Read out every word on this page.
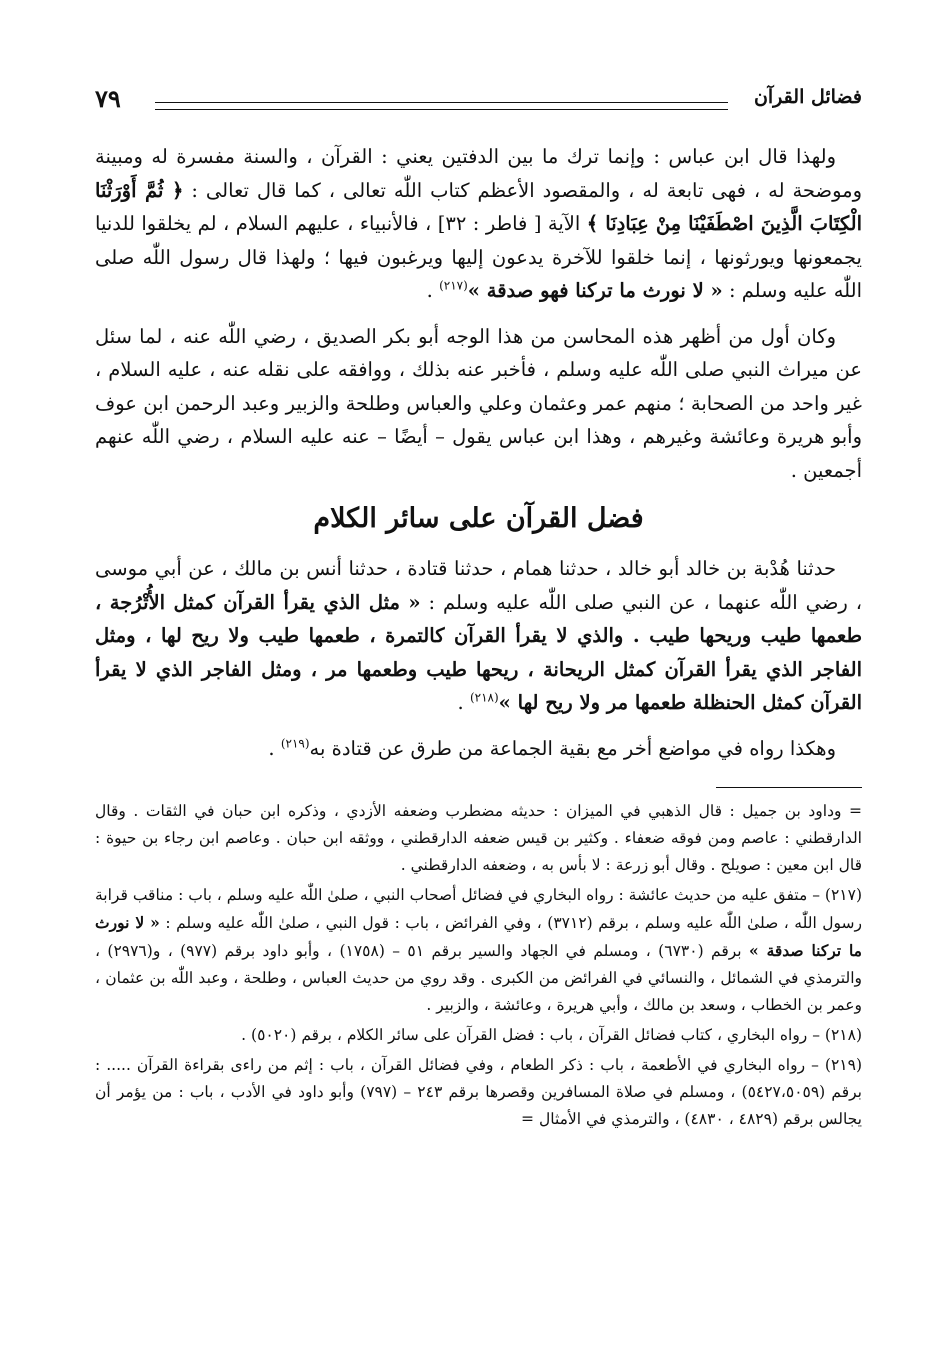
فضائل القرآن
٧٩

ولهذا قال ابن عباس : وإنما ترك ما بين الدفتين يعني : القرآن ، والسنة مفسرة له ومبينة وموضحة له ، فهى تابعة له ، والمقصود الأعظم كتاب اللّٰه تعالى ، كما قال تعالى : ﴿ ثُمَّ أَوْرَثْنَا الْكِتَابَ الَّذِينَ اصْطَفَيْنَا مِنْ عِبَادِنَا ﴾ الآية [ فاطر : ٣٢] ، فالأنبياء ، عليهم السلام ، لم يخلقوا للدنيا يجمعونها ويورثونها ، إنما خلقوا للآخرة يدعون إليها ويرغبون فيها ؛ ولهذا قال رسول اللّٰه صلى اللّٰه عليه وسلم : « لا نورث ما تركنا فهو صدقة »$^{(٢١٧)}$ .

وكان أول من أظهر هذه المحاسن من هذا الوجه أبو بكر الصديق ، رضي اللّٰه عنه ، لما سئل عن ميراث النبي صلى اللّٰه عليه وسلم ، فأخبر عنه بذلك ، ووافقه على نقله عنه ، عليه السلام ، غير واحد من الصحابة ؛ منهم عمر وعثمان وعلي والعباس وطلحة والزبير وعبد الرحمن ابن عوف وأبو هريرة وعائشة وغيرهم ، وهذا ابن عباس يقول – أيضًا – عنه عليه السلام ، رضي اللّٰه عنهم أجمعين .

فضل القرآن على سائر الكلام

حدثنا هُدْبة بن خالد أبو خالد ، حدثنا همام ، حدثنا قتادة ، حدثنا أنس بن مالك ، عن أبي موسى ، رضي اللّٰه عنهما ، عن النبي صلى اللّٰه عليه وسلم : « مثل الذي يقرأ القرآن كمثل الأُتْرُجة ، طعمها طيب وريحها طيب . والذي لا يقرأ القرآن كالتمرة ، طعمها طيب ولا ريح لها ، ومثل الفاجر الذي يقرأ القرآن كمثل الريحانة ، ريحها طيب وطعمها مر ، ومثل الفاجر الذي لا يقرأ القرآن كمثل الحنظلة طعمها مر ولا ريح لها »$^{(٢١٨)}$ .

وهكذا رواه في مواضع أخر مع بقية الجماعة من طرق عن قتادة به$^{(٢١٩)}$ .

= وداود بن جميل : قال الذهبي في الميزان : حديثه مضطرب وضعفه الأزدي ، وذكره ابن حبان في الثقات . وقال الدارقطني : عاصم ومن فوقه ضعفاء . وكثير بن قيس ضعفه الدارقطني ، ووثقه ابن حبان . وعاصم ابن رجاء بن حيوة : قال ابن معين : صويلح . وقال أبو زرعة : لا بأس به ، وضعفه الدارقطني .

(٢١٧) – متفق عليه من حديث عائشة : رواه البخاري في فضائل أصحاب النبي ، صلىٰ اللّٰه عليه وسلم ، باب : مناقب قرابة رسول اللّٰه ، صلىٰ اللّٰه عليه وسلم ، برقم (٣٧١٢) ، وفي الفرائض ، باب : قول النبي ، صلىٰ اللّٰه عليه وسلم : « لا نورث ما تركنا صدقة » برقم (٦٧٣٠) ، ومسلم في الجهاد والسير برقم ٥١ – (١٧٥٨) ، وأبو داود برقم (٩٧٧) ، و(٢٩٧٦) ، والترمذي في الشمائل ، والنسائي في الفرائض من الكبرى . وقد روي من حديث العباس ، وطلحة ، وعبد اللّٰه بن عثمان ، وعمر بن الخطاب ، وسعد بن مالك ، وأبي هريرة ، وعائشة ، والزبير .

(٢١٨) – رواه البخاري ، كتاب فضائل القرآن ، باب : فضل القرآن على سائر الكلام ، برقم (٥٠٢٠) .

(٢١٩) – رواه البخاري في الأطعمة ، باب : ذكر الطعام ، وفي فضائل القرآن ، باب : إثم من راءى بقراءة القرآن ..... : برقم (٥٤٢٧،٥٠٥٩) ، ومسلم في صلاة المسافرين وقصرها برقم ٢٤٣ – (٧٩٧) وأبو داود في الأدب ، باب : من يؤمر أن يجالس برقم (٤٨٢٩ ، ٤٨٣٠) ، والترمذي في الأمثال =
